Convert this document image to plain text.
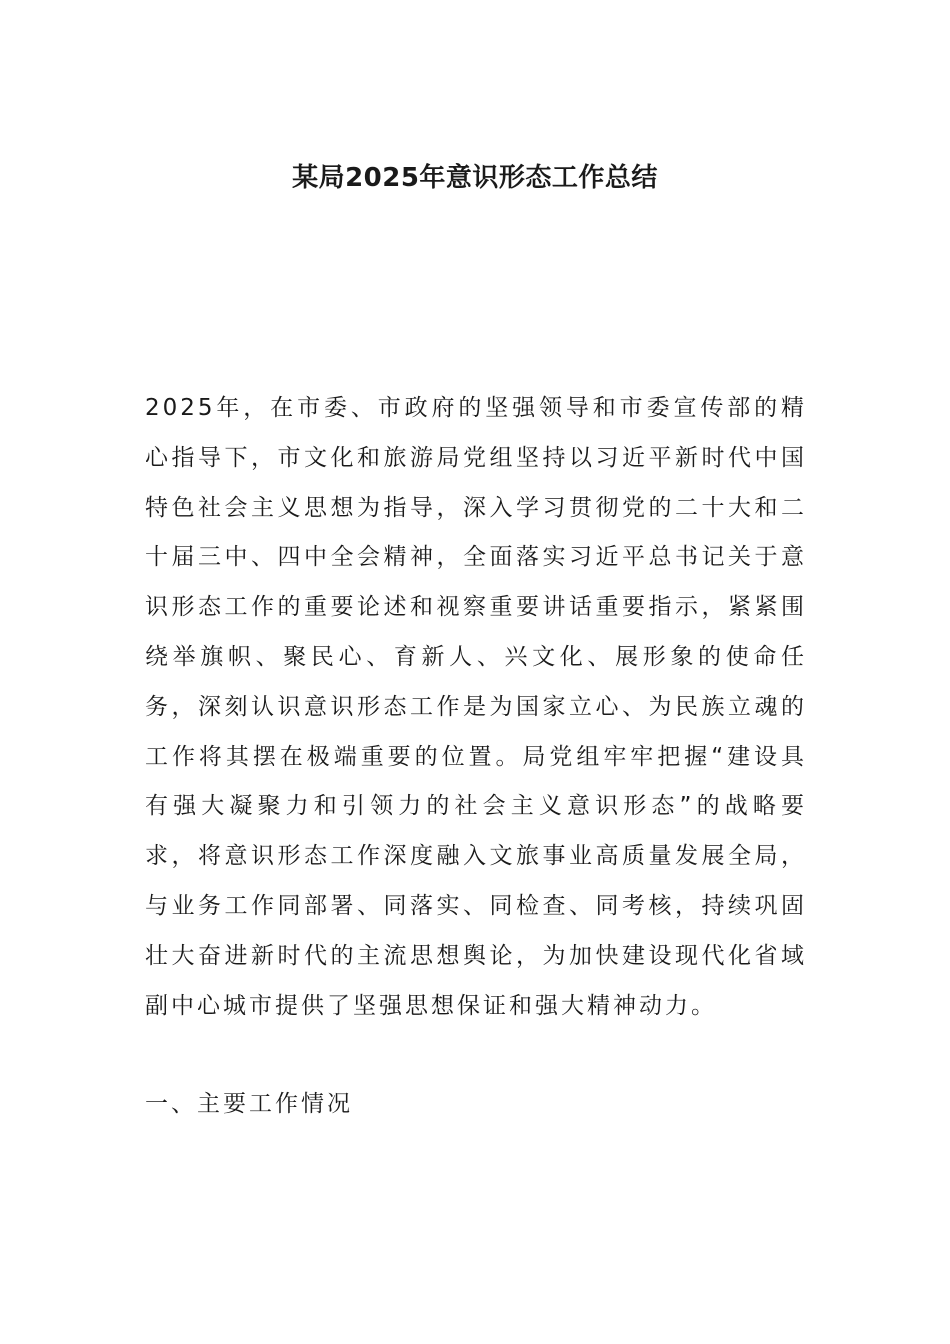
某局2025年意识形态工作总结

2025年，在市委、市政府的坚强领导和市委宣传部的精心指导下，市文化和旅游局党组坚持以习近平新时代中国特色社会主义思想为指导，深入学习贯彻党的二十大和二十届三中、四中全会精神，全面落实习近平总书记关于意识形态工作的重要论述和视察重要讲话重要指示，紧紧围绕举旗帜、聚民心、育新人、兴文化、展形象的使命任务，深刻认识意识形态工作是为国家立心、为民族立魂的工作将其摆在极端重要的位置。局党组牢牢把握“建设具有强大凝聚力和引领力的社会主义意识形态”的战略要求，将意识形态工作深度融入文旅事业高质量发展全局，与业务工作同部署、同落实、同检查、同考核，持续巩固壮大奋进新时代的主流思想舆论，为加快建设现代化省域副中心城市提供了坚强思想保证和强大精神动力。

一、主要工作情况
